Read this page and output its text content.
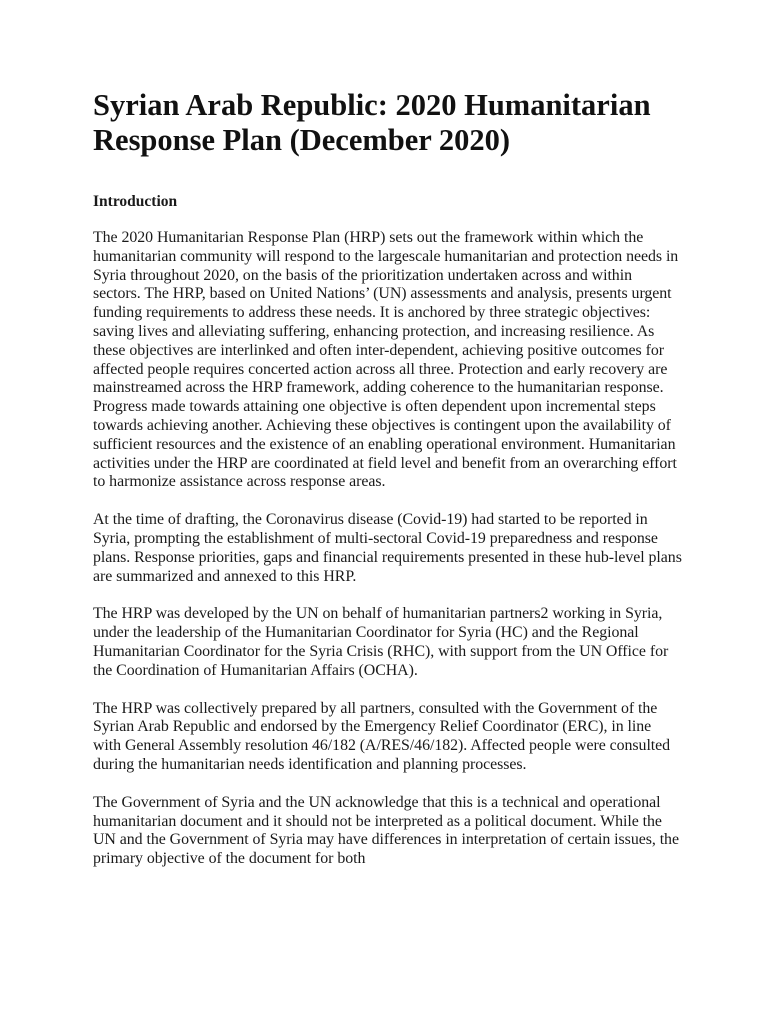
Syrian Arab Republic: 2020 Humanitarian Response Plan (December 2020)
Introduction

The 2020 Humanitarian Response Plan (HRP) sets out the framework within which the humanitarian community will respond to the largescale humanitarian and protection needs in Syria throughout 2020, on the basis of the prioritization undertaken across and within sectors. The HRP, based on United Nations’ (UN) assessments and analysis, presents urgent funding requirements to address these needs. It is anchored by three strategic objectives: saving lives and alleviating suffering, enhancing protection, and increasing resilience. As these objectives are interlinked and often inter-dependent, achieving positive outcomes for affected people requires concerted action across all three. Protection and early recovery are mainstreamed across the HRP framework, adding coherence to the humanitarian response. Progress made towards attaining one objective is often dependent upon incremental steps towards achieving another. Achieving these objectives is contingent upon the availability of sufficient resources and the existence of an enabling operational environment. Humanitarian activities under the HRP are coordinated at field level and benefit from an overarching effort to harmonize assistance across response areas.

At the time of drafting, the Coronavirus disease (Covid-19) had started to be reported in Syria, prompting the establishment of multi-sectoral Covid-19 preparedness and response plans. Response priorities, gaps and financial requirements presented in these hub-level plans are summarized and annexed to this HRP.

The HRP was developed by the UN on behalf of humanitarian partners2 working in Syria, under the leadership of the Humanitarian Coordinator for Syria (HC) and the Regional Humanitarian Coordinator for the Syria Crisis (RHC), with support from the UN Office for the Coordination of Humanitarian Affairs (OCHA).

The HRP was collectively prepared by all partners, consulted with the Government of the Syrian Arab Republic and endorsed by the Emergency Relief Coordinator (ERC), in line with General Assembly resolution 46/182 (A/RES/46/182). Affected people were consulted during the humanitarian needs identification and planning processes.

The Government of Syria and the UN acknowledge that this is a technical and operational humanitarian document and it should not be interpreted as a political document. While the UN and the Government of Syria may have differences in interpretation of certain issues, the primary objective of the document for both
